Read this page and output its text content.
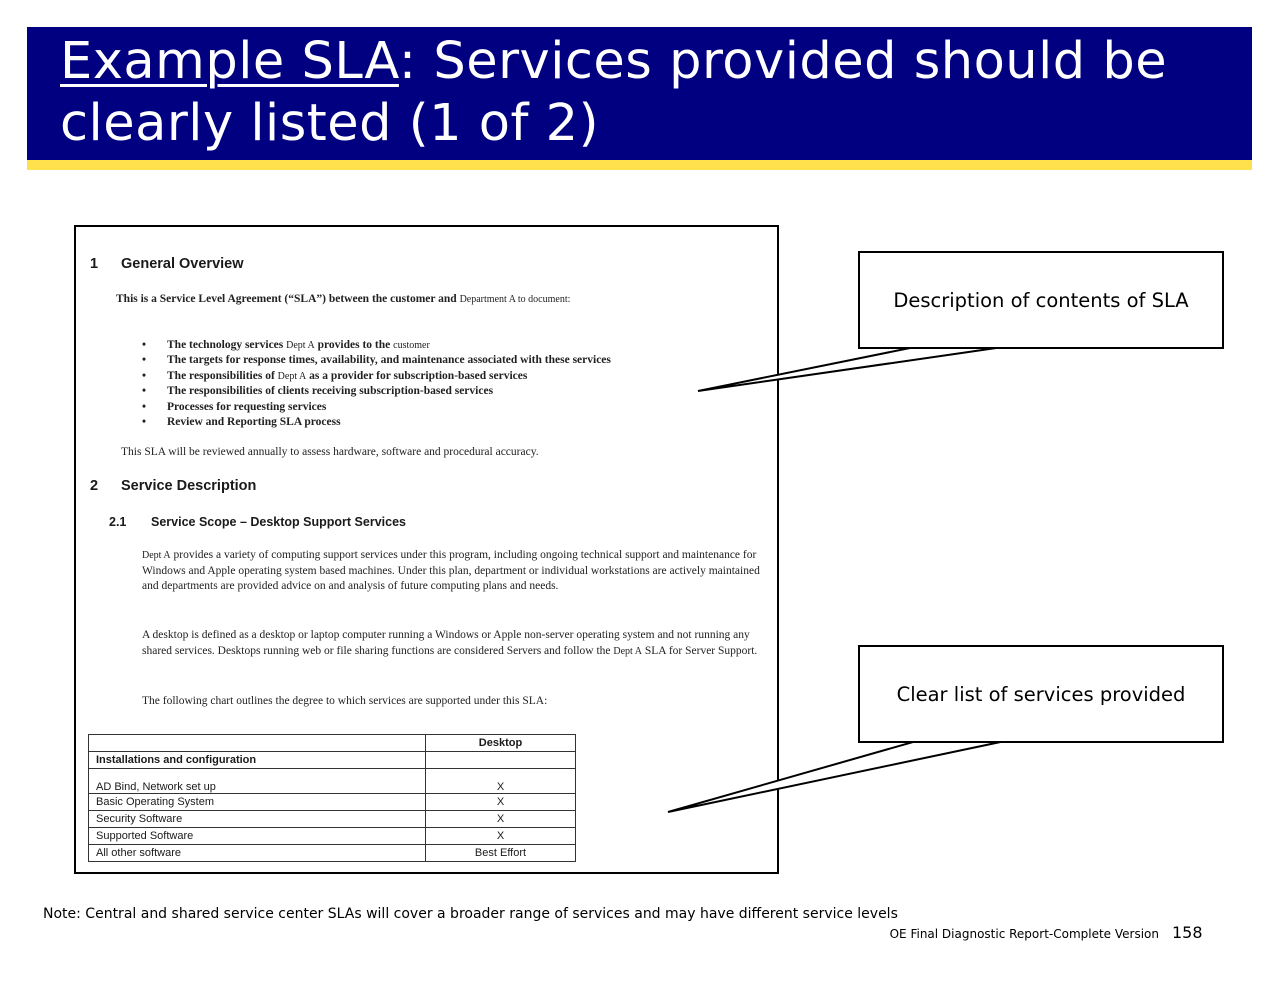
Example SLA: Services provided should be
clearly listed (1 of 2)
1 General Overview
This is a Service Level Agreement (“SLA”) between the customer and Department A to document:
• The technology services Dept A provides to the customer
• The targets for response times, availability, and maintenance associated with these services
• The responsibilities of Dept A as a provider for subscription-based services
• The responsibilities of clients receiving subscription-based services
• Processes for requesting services
• Review and Reporting SLA process
This SLA will be reviewed annually to assess hardware, software and procedural accuracy.
2 Service Description
2.1 Service Scope – Desktop Support Services
Dept A provides a variety of computing support services under this program, including ongoing technical support and maintenance for Windows and Apple operating system based machines. Under this plan, department or individual workstations are actively maintained and departments are provided advice on and analysis of future computing plans and needs.
A desktop is defined as a desktop or laptop computer running a Windows or Apple non-server operating system and not running any shared services. Desktops running web or file sharing functions are considered Servers and follow the Dept A SLA for Server Support.
The following chart outlines the degree to which services are supported under this SLA:
	Desktop
Installations and configuration	
AD Bind, Network set up	X
Basic Operating System	X
Security Software	X
Supported Software	X
All other software	Best Effort
Description of contents of SLA
Clear list of services provided
Note: Central and shared service center SLAs will cover a broader range of services and may have different service levels
OE Final Diagnostic Report-Complete Version 158
